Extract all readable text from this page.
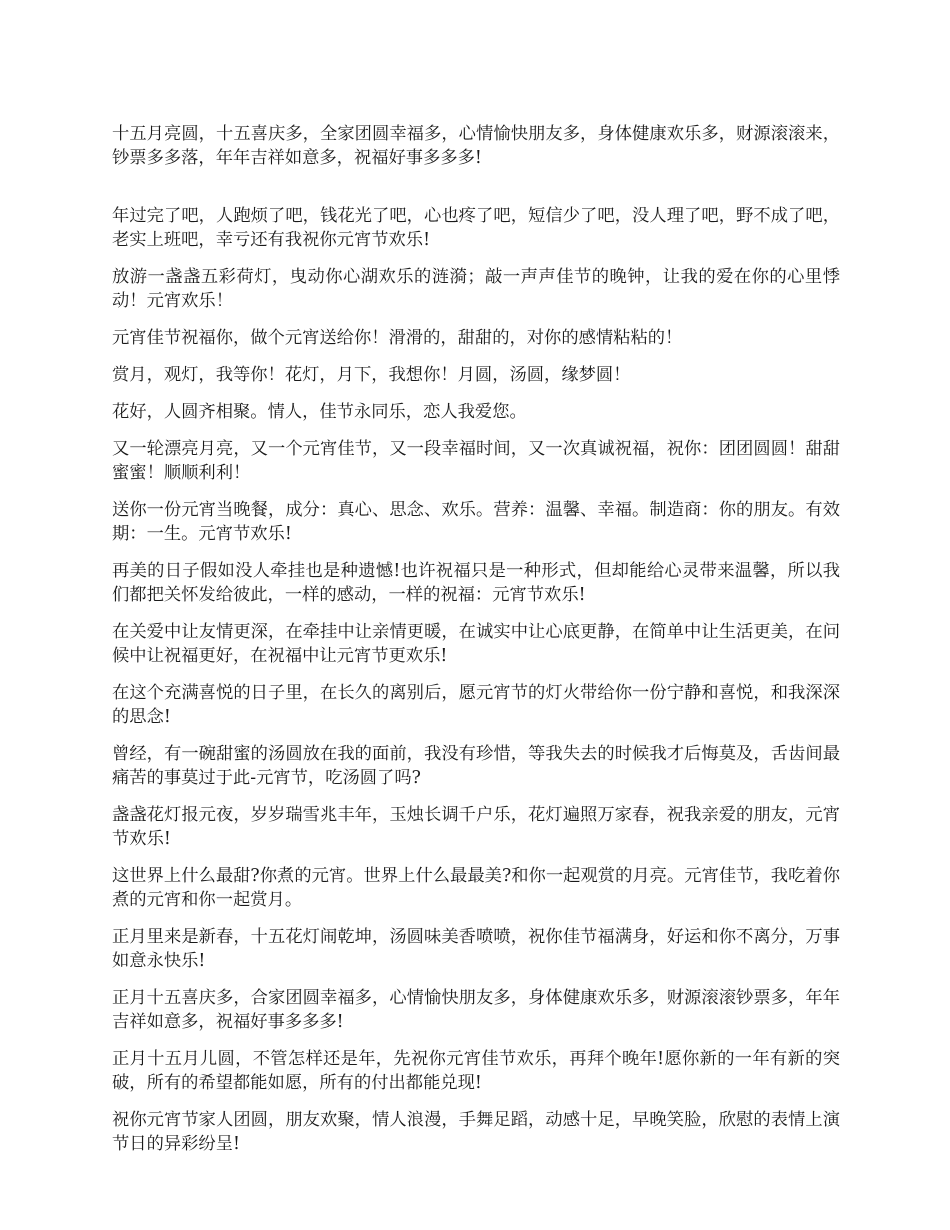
十五月亮圆，十五喜庆多，全家团圆幸福多，心情愉快朋友多，身体健康欢乐多，财源滚滚来，钞票多多落，年年吉祥如意多，祝福好事多多多!

年过完了吧，人跑烦了吧，钱花光了吧，心也疼了吧，短信少了吧，没人理了吧，野不成了吧，老实上班吧，幸亏还有我祝你元宵节欢乐!

放游一盏盏五彩荷灯，曳动你心湖欢乐的涟漪；敲一声声佳节的晚钟，让我的爱在你的心里悸动！元宵欢乐！

元宵佳节祝福你，做个元宵送给你！滑滑的，甜甜的，对你的感情粘粘的！

赏月，观灯，我等你！花灯，月下，我想你！月圆，汤圆，缘梦圆！

花好，人圆齐相聚。情人，佳节永同乐，恋人我爱您。

又一轮漂亮月亮，又一个元宵佳节，又一段幸福时间，又一次真诚祝福，祝你：团团圆圆！甜甜蜜蜜！顺顺利利！

送你一份元宵当晚餐，成分：真心、思念、欢乐。营养：温馨、幸福。制造商：你的朋友。有效期：一生。元宵节欢乐!

再美的日子假如没人牵挂也是种遗憾!也许祝福只是一种形式，但却能给心灵带来温馨，所以我们都把关怀发给彼此，一样的感动，一样的祝福：元宵节欢乐!

在关爱中让友情更深，在牵挂中让亲情更暖，在诚实中让心底更静，在简单中让生活更美，在问候中让祝福更好，在祝福中让元宵节更欢乐!

在这个充满喜悦的日子里，在长久的离别后，愿元宵节的灯火带给你一份宁静和喜悦，和我深深的思念!

曾经，有一碗甜蜜的汤圆放在我的面前，我没有珍惜，等我失去的时候我才后悔莫及，舌齿间最痛苦的事莫过于此-元宵节，吃汤圆了吗?

盏盏花灯报元夜，岁岁瑞雪兆丰年，玉烛长调千户乐，花灯遍照万家春，祝我亲爱的朋友，元宵节欢乐!

这世界上什么最甜?你煮的元宵。世界上什么最最美?和你一起观赏的月亮。元宵佳节，我吃着你煮的元宵和你一起赏月。

正月里来是新春，十五花灯闹乾坤，汤圆味美香喷喷，祝你佳节福满身，好运和你不离分，万事如意永快乐!

正月十五喜庆多，合家团圆幸福多，心情愉快朋友多，身体健康欢乐多，财源滚滚钞票多，年年吉祥如意多，祝福好事多多多!

正月十五月儿圆，不管怎样还是年，先祝你元宵佳节欢乐，再拜个晚年!愿你新的一年有新的突破，所有的希望都能如愿，所有的付出都能兑现!

祝你元宵节家人团圆，朋友欢聚，情人浪漫，手舞足蹈，动感十足，早晚笑脸，欣慰的表情上演节日的异彩纷呈!
